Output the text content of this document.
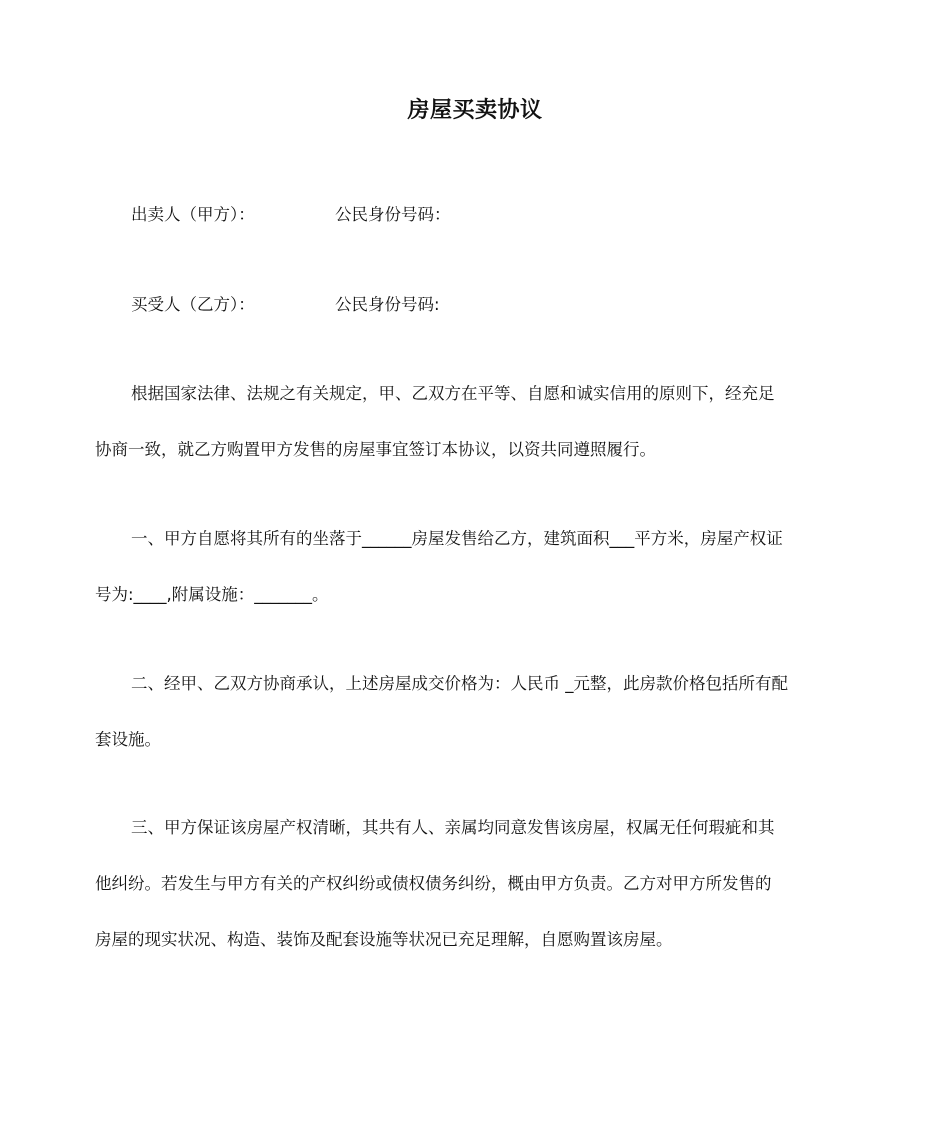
房屋买卖协议
出卖人（甲方）：	公民身份号码：
买受人（乙方）：	公民身份号码:
根据国家法律、法规之有关规定，甲、乙双方在平等、自愿和诚实信用的原则下，经充足
协商一致，就乙方购置甲方发售的房屋事宜签订本协议，以资共同遵照履行。
一、甲方自愿将其所有的坐落于______房屋发售给乙方，建筑面积___平方米，房屋产权证
号为:____,附属设施：_______。
二、经甲、乙双方协商承认，上述房屋成交价格为：人民币 _元整，此房款价格包括所有配
套设施。
三、甲方保证该房屋产权清晰，其共有人、亲属均同意发售该房屋，权属无任何瑕疵和其
他纠纷。若发生与甲方有关的产权纠纷或债权债务纠纷，概由甲方负责。乙方对甲方所发售的
房屋的现实状况、构造、装饰及配套设施等状况已充足理解，自愿购置该房屋。
